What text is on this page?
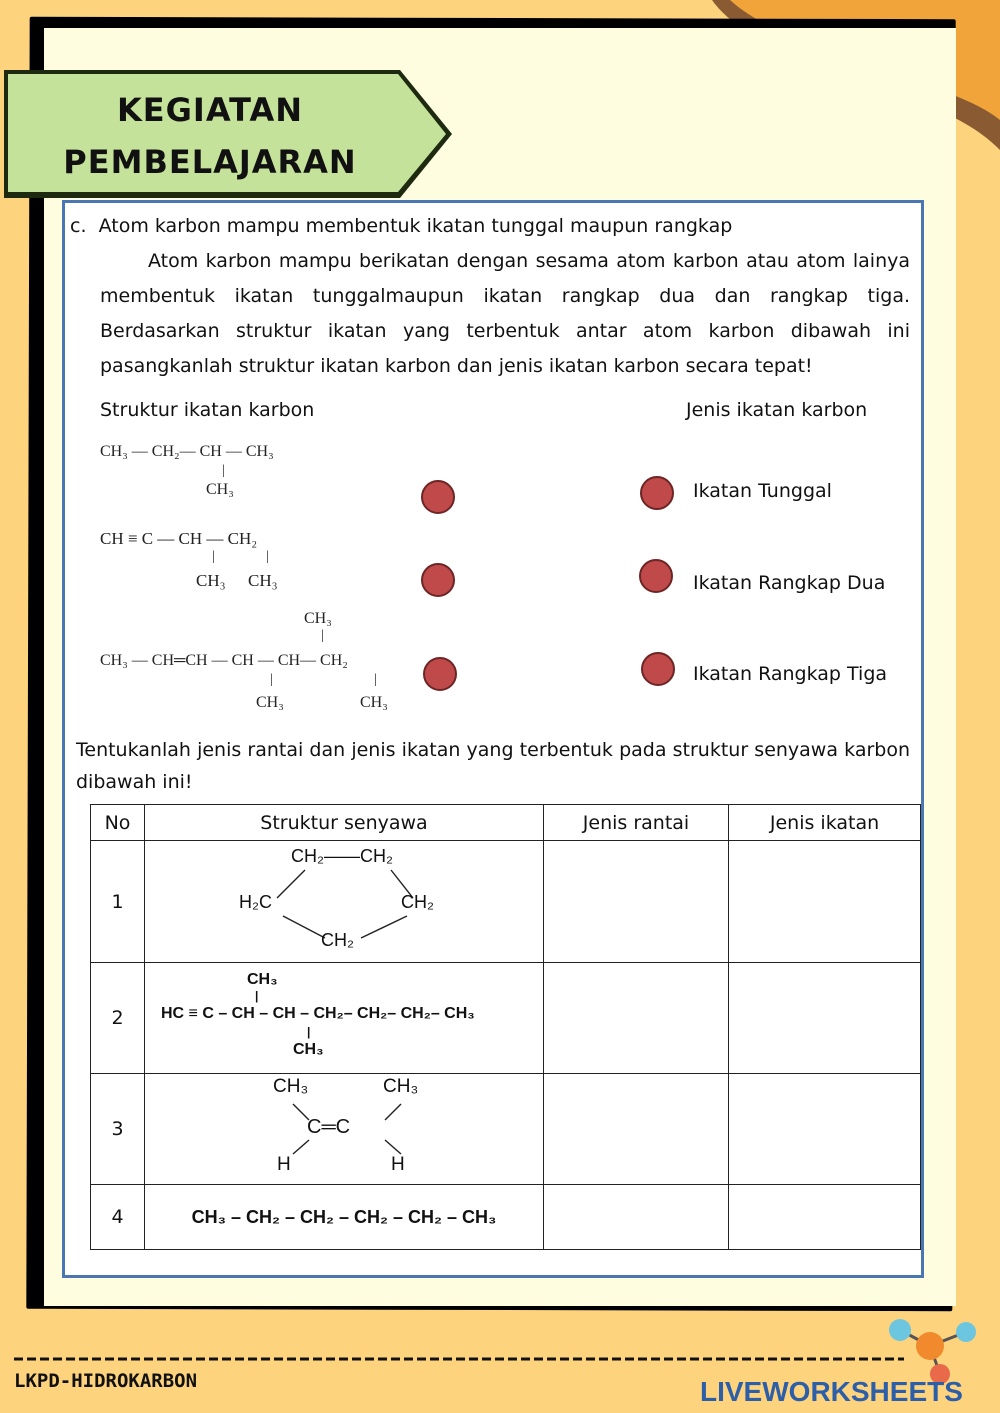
KEGIATAN
PEMBELAJARAN
c. Atom karbon mampu membentuk ikatan tunggal maupun rangkap
Atom karbon mampu berikatan dengan sesama atom karbon atau atom lainya membentuk ikatan tunggalmaupun ikatan rangkap dua dan rangkap tiga. Berdasarkan struktur ikatan yang terbentuk antar atom karbon dibawah ini pasangkanlah struktur ikatan karbon dan jenis ikatan karbon secara tepat!
Struktur ikatan karbon	Jenis ikatan karbon
CH₃ — CH₂— CH — CH₃
|
CH₃
CH ≡ C — CH — CH₂
|	|
CH₃ CH₃
CH₃
|
CH₃ — CH═CH — CH — CH— CH₂
|	|
CH₃	CH₃
Ikatan Tunggal
Ikatan Rangkap Dua
Ikatan Rangkap Tiga
Tentukanlah jenis rantai dan jenis ikatan yang terbentuk pada struktur senyawa karbon dibawah ini!
No	Struktur senyawa	Jenis rantai	Jenis ikatan
1	CH₂——CH₂
H₂C CH₂
CH₂		

2	CH₃
|
HC ≡ C – CH – CH – CH₂– CH₂– CH₂– CH₃
|
CH₃		

3	CH₃ CH₃
C═C
H H		

4	CH₃ – CH₂ – CH₂ – CH₂ – CH₂ – CH₃		

LKPD-HIDROKARBON	LIVEWORKSHEETS
